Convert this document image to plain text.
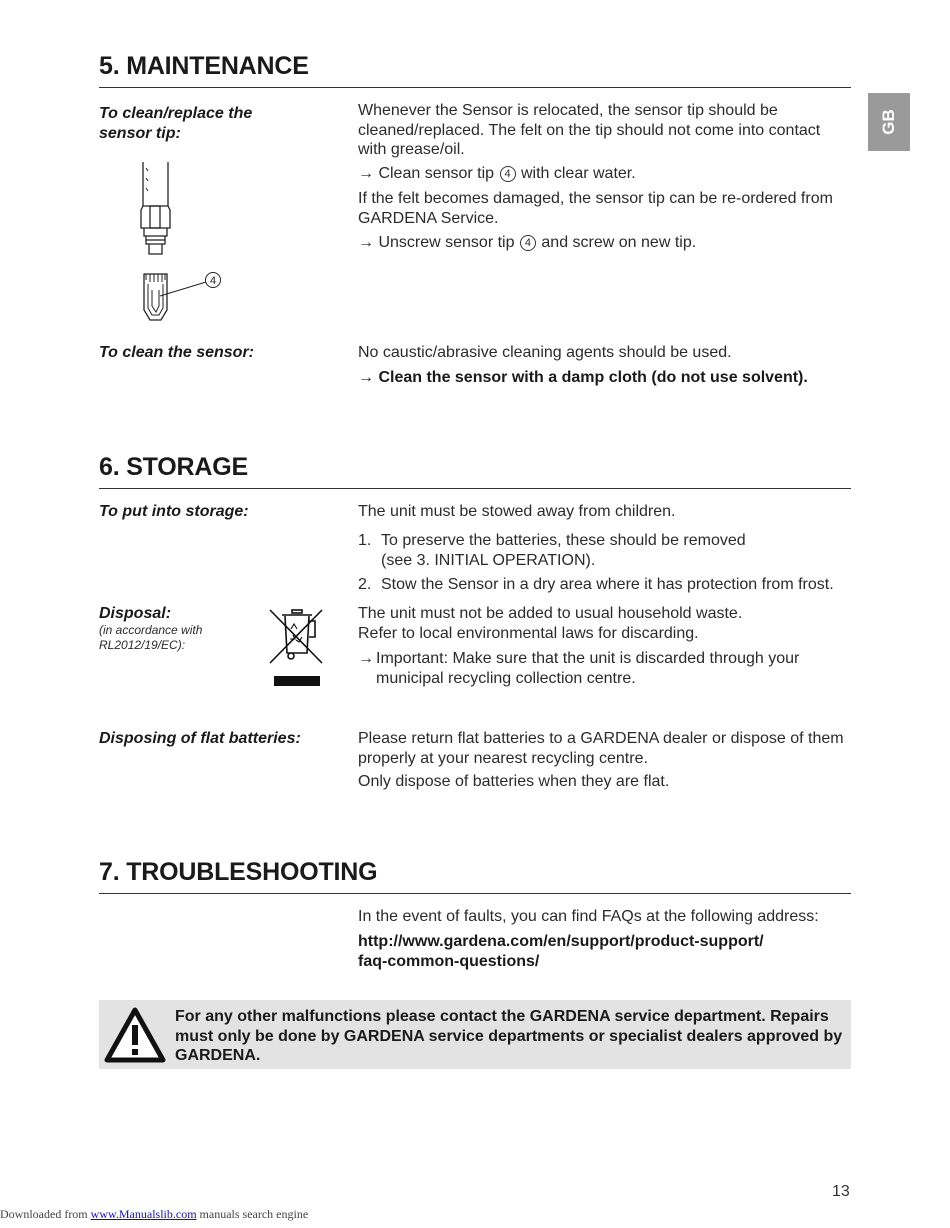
GB
5. MAINTENANCE
To clean/replace the sensor tip:
Whenever the Sensor is relocated, the sensor tip should be cleaned/replaced. The felt on the tip should not come into contact with grease/oil.
→ Clean sensor tip 4 with clear water.
If the felt becomes damaged, the sensor tip can be re-ordered from GARDENA Service.
→ Unscrew sensor tip 4 and screw on new tip.
4
To clean the sensor:	No caustic/abrasive cleaning agents should be used.
→ Clean the sensor with a damp cloth (do not use solvent).
6. STORAGE
To put into storage:	The unit must be stowed away from children.
1. To preserve the batteries, these should be removed
(see 3. INITIAL OPERATION).
2. Stow the Sensor in a dry area where it has protection from frost.
Disposal:
(in accordance with
RL2012/19/EC):
The unit must not be added to usual household waste.
Refer to local environmental laws for discarding.
→ Important: Make sure that the unit is discarded through your
municipal recycling collection centre.
Disposing of flat batteries:	Please return flat batteries to a GARDENA dealer or dispose of them properly at your nearest recycling centre.
Only dispose of batteries when they are flat.
7. TROUBLESHOOTING
In the event of faults, you can find FAQs at the following address:
http://www.gardena.com/en/support/product-support/
faq-common-questions/
For any other malfunctions please contact the GARDENA service department. Repairs must only be done by GARDENA service departments or specialist dealers approved by GARDENA.
13
Downloaded from www.Manualslib.com manuals search engine
